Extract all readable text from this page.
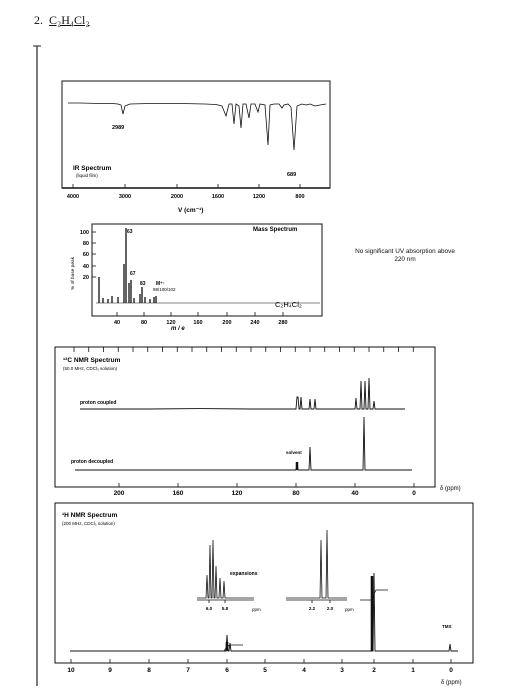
2. C₂H₄Cl₂
No significant UV absorption above 220 nm
2989
689
IR Spectrum
(liquid film)
4000	3000	2000	1600	1200	800
V (cm⁻¹)
100
80
60
40
20
% of base peak
Mass Spectrum
63
67
83 M⁺·
98/100/102
C₂H₄Cl₂
40	80	120	160	200	240	280
m / e
¹³C NMR Spectrum
(50.0 MHz, CDCl₃ solution)
proton coupled
proton decoupled
solvent
200	160	120	80	40	0
δ (ppm)
¹H NMR Spectrum
(200 MHz, CDCl₃ solution)
6.0 5.8	ppm
expansions
2.2	2.0	ppm
TMS
10	9	8	7	6	5	4	3	2	1	0
δ (ppm)
